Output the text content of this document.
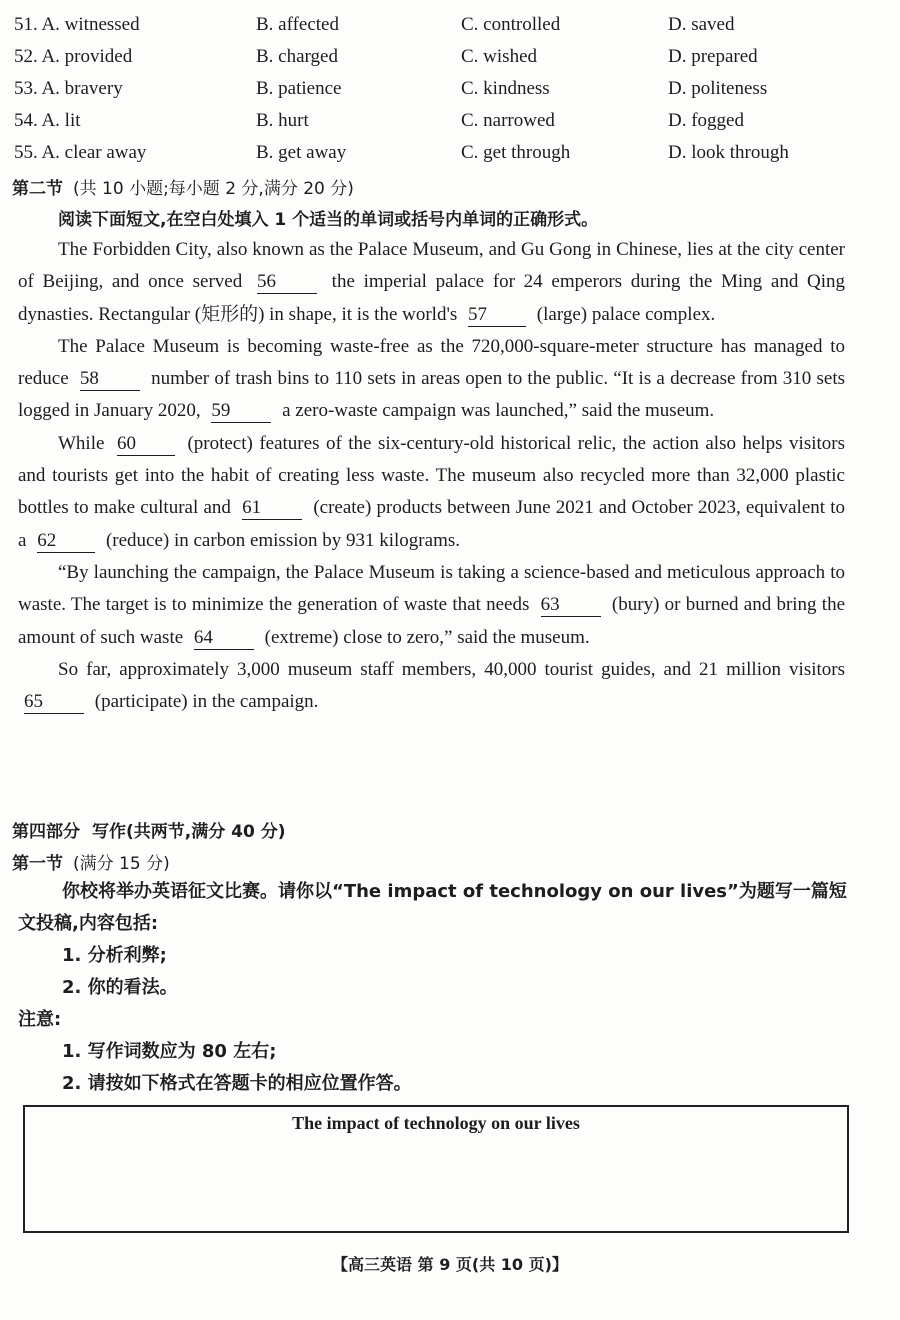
51. A. witnessed	B. affected	C. controlled	D. saved
52. A. provided	B. charged	C. wished	D. prepared
53. A. bravery	B. patience	C. kindness	D. politeness
54. A. lit	B. hurt	C. narrowed	D. fogged
55. A. clear away	B. get away	C. get through	D. look through
第二节 (共 10 小题;每小题 2 分,满分 20 分)
阅读下面短文,在空白处填入 1 个适当的单词或括号内单词的正确形式。

The Forbidden City, also known as the Palace Museum, and Gu Gong in Chinese, lies at the city center of Beijing, and once served 56	the imperial palace for 24 emperors during the Ming and Qing dynasties. Rectangular (矩形的) in shape, it is the world's 57	(large) palace complex.

The Palace Museum is becoming waste-free as the 720,000-square-meter structure has managed to reduce 58	number of trash bins to 110 sets in areas open to the public. “It is a decrease from 310 sets logged in January 2020, 59	a zero-waste campaign was launched,” said the museum.

While 60	(protect) features of the six-century-old historical relic, the action also helps visitors and tourists get into the habit of creating less waste. The museum also recycled more than 32,000 plastic bottles to make cultural and 61	(create) products between June 2021 and October 2023, equivalent to a 62	(reduce) in carbon emission by 931 kilograms.

“By launching the campaign, the Palace Museum is taking a science-based and meticulous approach to waste. The target is to minimize the generation of waste that needs 63	(bury) or burned and bring the amount of such waste 64	(extreme) close to zero,” said the museum.

So far, approximately 3,000 museum staff members, 40,000 tourist guides, and 21 million visitors 65	(participate) in the campaign.

第四部分 写作(共两节,满分 40 分)
第一节 (满分 15 分)

你校将举办英语征文比赛。请你以“The impact of technology on our lives”为题写一篇短文投稿,内容包括:

1. 分析利弊;

2. 你的看法。

注意:

1. 写作词数应为 80 左右;

2. 请按如下格式在答题卡的相应位置作答。

The impact of technology on our lives
【高三英语 第 9 页(共 10 页)】
